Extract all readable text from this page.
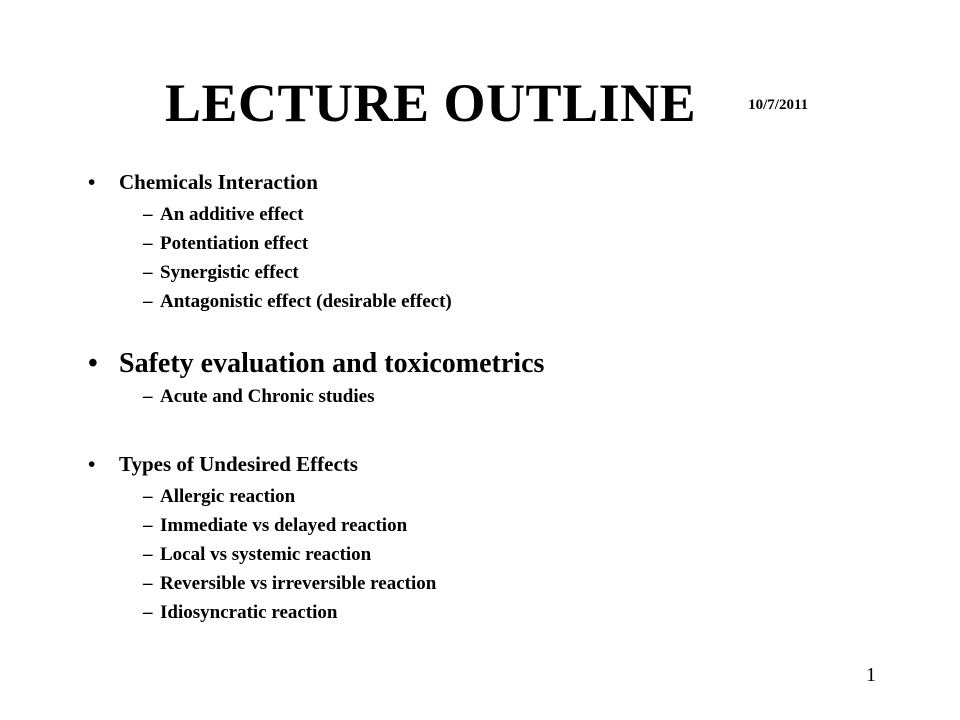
LECTURE OUTLINE	10/7/2011
• Chemicals Interaction
– An additive effect
– Potentiation effect
– Synergistic effect
– Antagonistic effect (desirable effect)
• Safety evaluation and toxicometrics
– Acute and Chronic studies
• Types of Undesired Effects
– Allergic reaction
– Immediate vs delayed reaction
– Local vs systemic reaction
– Reversible vs irreversible reaction
– Idiosyncratic reaction
1
